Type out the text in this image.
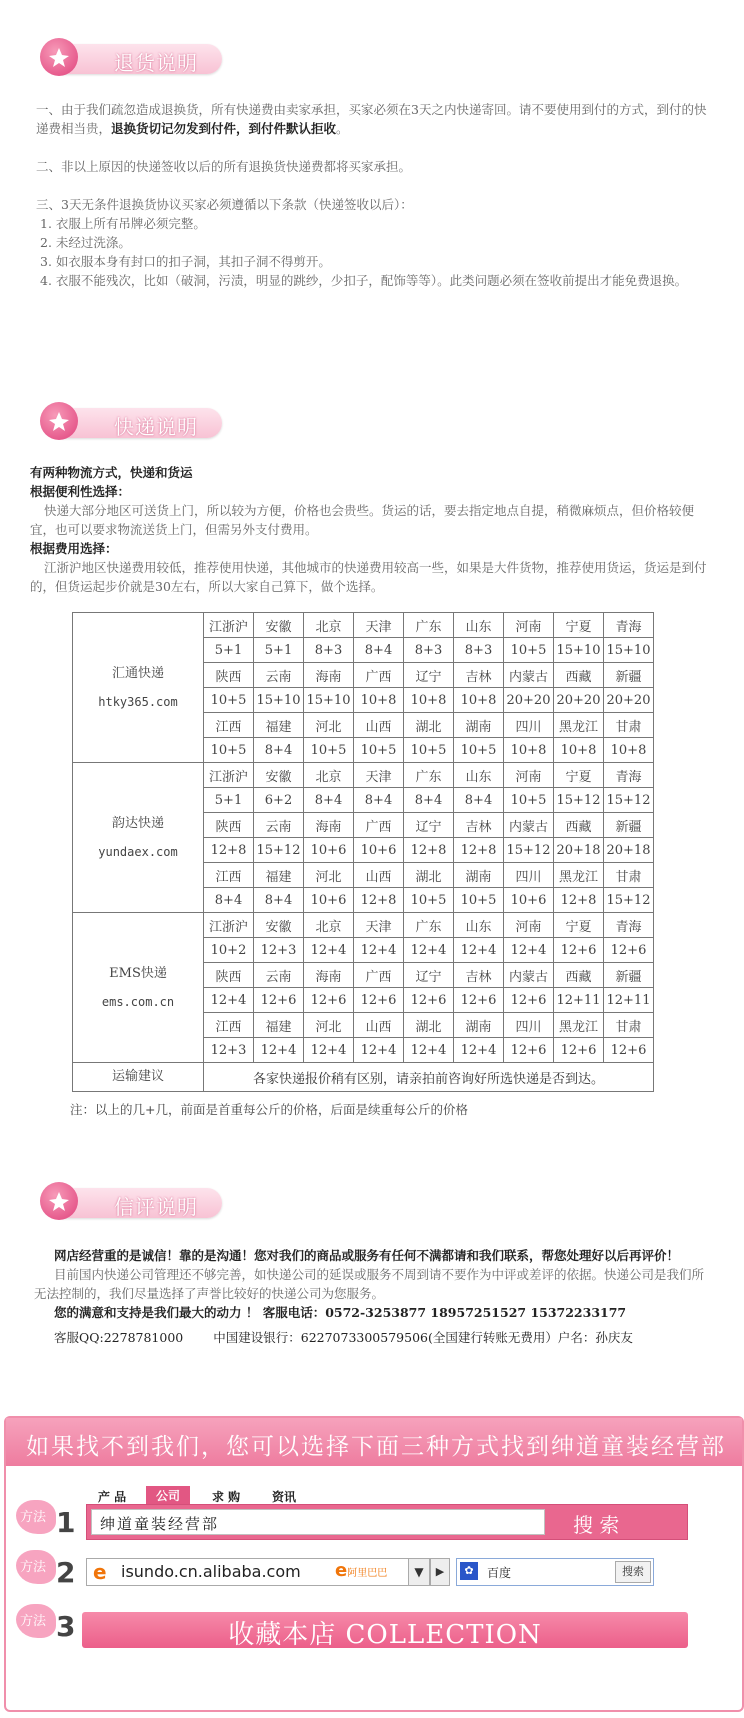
退货说明

一、由于我们疏忽造成退换货，所有快递费由卖家承担，买家必须在3天之内快递寄回。请不要使用到付的方式，到付的快递费相当贵，退换货切记勿发到付件，到付件默认拒收。

二、非以上原因的快递签收以后的所有退换货快递费都将买家承担。

三、3天无条件退换货协议买家必须遵循以下条款（快递签收以后）：

1. 衣服上所有吊牌必须完整。

2. 未经过洗涤。

3. 如衣服本身有封口的扣子洞，其扣子洞不得剪开。

4. 衣服不能残次，比如（破洞，污渍，明显的跳纱，少扣子，配饰等等）。此类问题必须在签收前提出才能免费退换。

快递说明

有两种物流方式，快递和货运

根据便利性选择：

快递大部分地区可送货上门，所以较为方便，价格也会贵些。货运的话，要去指定地点自提，稍微麻烦点，但价格较便宜，也可以要求物流送货上门，但需另外支付费用。

根据费用选择：

江浙沪地区快递费用较低，推荐使用快递，其他城市的快递费用较高一些，如果是大件货物，推荐使用货运，货运是到付的，但货运起步价就是30左右，所以大家自己算下，做个选择。

汇通快递
htky365.com	江浙沪	安徽	北京	天津	广东	山东	河南	宁夏	青海
	5+1	5+1	8+3	8+4	8+3	8+3	10+5	15+10	15+10
	陕西	云南	海南	广西	辽宁	吉林	内蒙古	西藏	新疆
	10+5	15+10	15+10	10+8	10+8	10+8	20+20	20+20	20+20
	江西	福建	河北	山西	湖北	湖南	四川	黑龙江	甘肃
	10+5	8+4	10+5	10+5	10+5	10+5	10+8	10+8	10+8

韵达快递
yundaex.com	江浙沪	安徽	北京	天津	广东	山东	河南	宁夏	青海
	5+1	6+2	8+4	8+4	8+4	8+4	10+5	15+12	15+12
	陕西	云南	海南	广西	辽宁	吉林	内蒙古	西藏	新疆
	12+8	15+12	10+6	10+6	12+8	12+8	15+12	20+18	20+18
	江西	福建	河北	山西	湖北	湖南	四川	黑龙江	甘肃
	8+4	8+4	10+6	12+8	10+5	10+5	10+6	12+8	15+12

EMS快递
ems.com.cn	江浙沪	安徽	北京	天津	广东	山东	河南	宁夏	青海
	10+2	12+3	12+4	12+4	12+4	12+4	12+4	12+6	12+6
	陕西	云南	海南	广西	辽宁	吉林	内蒙古	西藏	新疆
	12+4	12+6	12+6	12+6	12+6	12+6	12+6	12+11	12+11
	江西	福建	河北	山西	湖北	湖南	四川	黑龙江	甘肃
	12+3	12+4	12+4	12+4	12+4	12+4	12+6	12+6	12+6
运输建议	各家快递报价稍有区别，请亲拍前咨询好所选快递是否到达。								
注：以上的几+几，前面是首重每公斤的价格，后面是续重每公斤的价格
信评说明

网店经营重的是诚信！靠的是沟通！您对我们的商品或服务有任何不满都请和我们联系，帮您处理好以后再评价！

目前国内快递公司管理还不够完善，如快递公司的延误或服务不周到请不要作为中评或差评的依据。快递公司是我们所无法控制的，我们尽量选择了声誉比较好的快递公司为您服务。

您的满意和支持是我们最大的动力 ！ 客服电话：0572-3253877 18957251527 15372233177

客服QQ:2278781000 中国建设银行：6227073300579506(全国建行转账无费用）户名：孙庆友

如果找不到我们，您可以选择下面三种方式找到绅道童装经营部噢!
方法 1
方法 2
方法 3
产 品	公司	求 购	资讯
绅道童装经营部	搜 索
e isundo.cn.alibaba.com e阿里巴巴	▼	▶	✿	百度	搜索
收藏本店 COLLECTION
